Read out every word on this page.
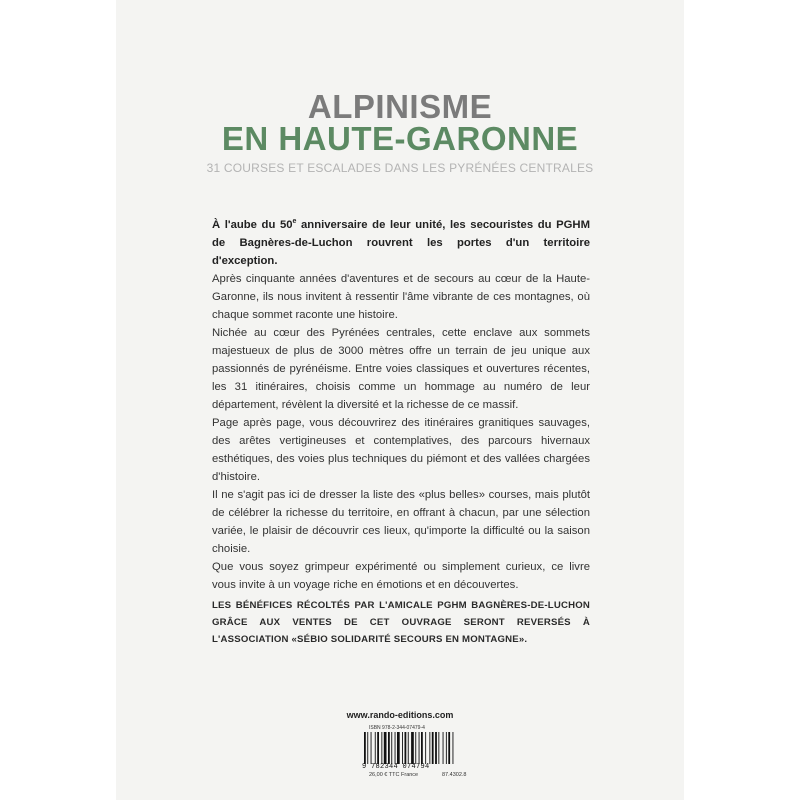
ALPINISME
EN HAUTE-GARONNE
31 COURSES ET ESCALADES DANS LES PYRÉNÉES CENTRALES
À l'aube du 50e anniversaire de leur unité, les secouristes du PGHM de Bagnères-de-Luchon rouvrent les portes d'un territoire d'exception.

Après cinquante années d'aventures et de secours au cœur de la Haute-Garonne, ils nous invitent à ressentir l'âme vibrante de ces montagnes, où chaque sommet raconte une histoire.

Nichée au cœur des Pyrénées centrales, cette enclave aux sommets majestueux de plus de 3000 mètres offre un terrain de jeu unique aux passionnés de pyrénéisme. Entre voies classiques et ouvertures récentes, les 31 itinéraires, choisis comme un hommage au numéro de leur département, révèlent la diversité et la richesse de ce massif.

Page après page, vous découvrirez des itinéraires granitiques sauvages, des arêtes vertigineuses et contemplatives, des parcours hivernaux esthétiques, des voies plus techniques du piémont et des vallées chargées d'histoire.

Il ne s'agit pas ici de dresser la liste des «plus belles» courses, mais plutôt de célébrer la richesse du territoire, en offrant à chacun, par une sélection variée, le plaisir de découvrir ces lieux, qu'importe la difficulté ou la saison choisie.

Que vous soyez grimpeur expérimenté ou simplement curieux, ce livre vous invite à un voyage riche en émotions et en découvertes.

LES BÉNÉFICES RÉCOLTÉS PAR L'AMICALE PGHM BAGNÈRES-DE-LUCHON GRÂCE AUX VENTES DE CET OUVRAGE SERONT REVERSÉS À L'ASSOCIATION «SÉBIO SOLIDARITÉ SECOURS EN MONTAGNE».
www.rando-editions.com
ISBN 978-2-344-07479-4
9 782344 074794
26,00 € TTC France	87.4302.8
